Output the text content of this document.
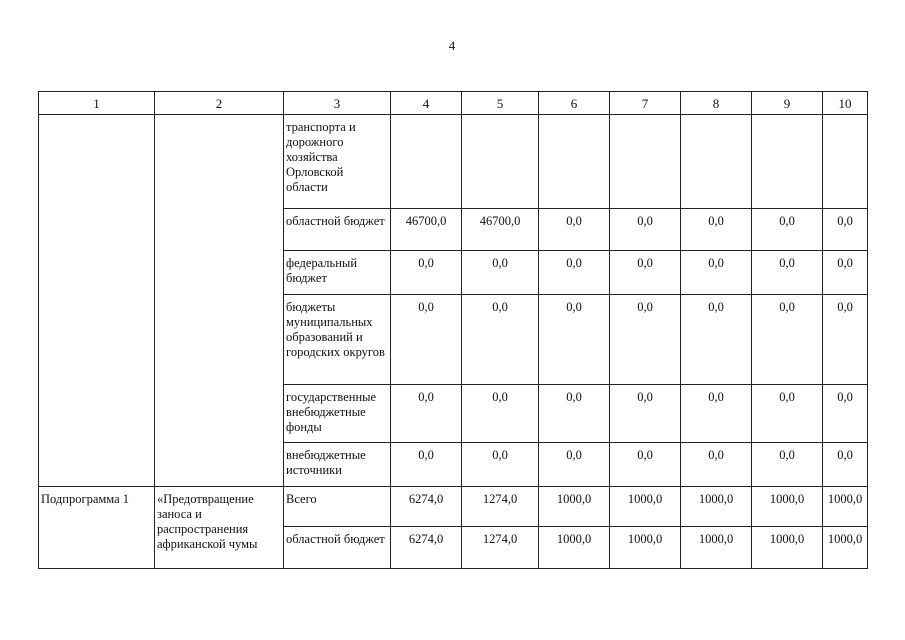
4
1	2	3	4	5	6	7	8	9	10
		транспорта и дорожного хозяйства Орловской области							
		областной бюджет	46700,0	46700,0	0,0	0,0	0,0	0,0	0,0
		федеральный бюджет	0,0	0,0	0,0	0,0	0,0	0,0	0,0
		бюджеты муниципальных образований и городских округов	0,0	0,0	0,0	0,0	0,0	0,0	0,0
		государственные внебюджетные фонды	0,0	0,0	0,0	0,0	0,0	0,0	0,0
		внебюджетные источники	0,0	0,0	0,0	0,0	0,0	0,0	0,0
Подпрограмма 1	«Предотвращение заноса и распространения африканской чумы	Всего	6274,0	1274,0	1000,0	1000,0	1000,0	1000,0	1000,0
		областной бюджет	6274,0	1274,0	1000,0	1000,0	1000,0	1000,0	1000,0
